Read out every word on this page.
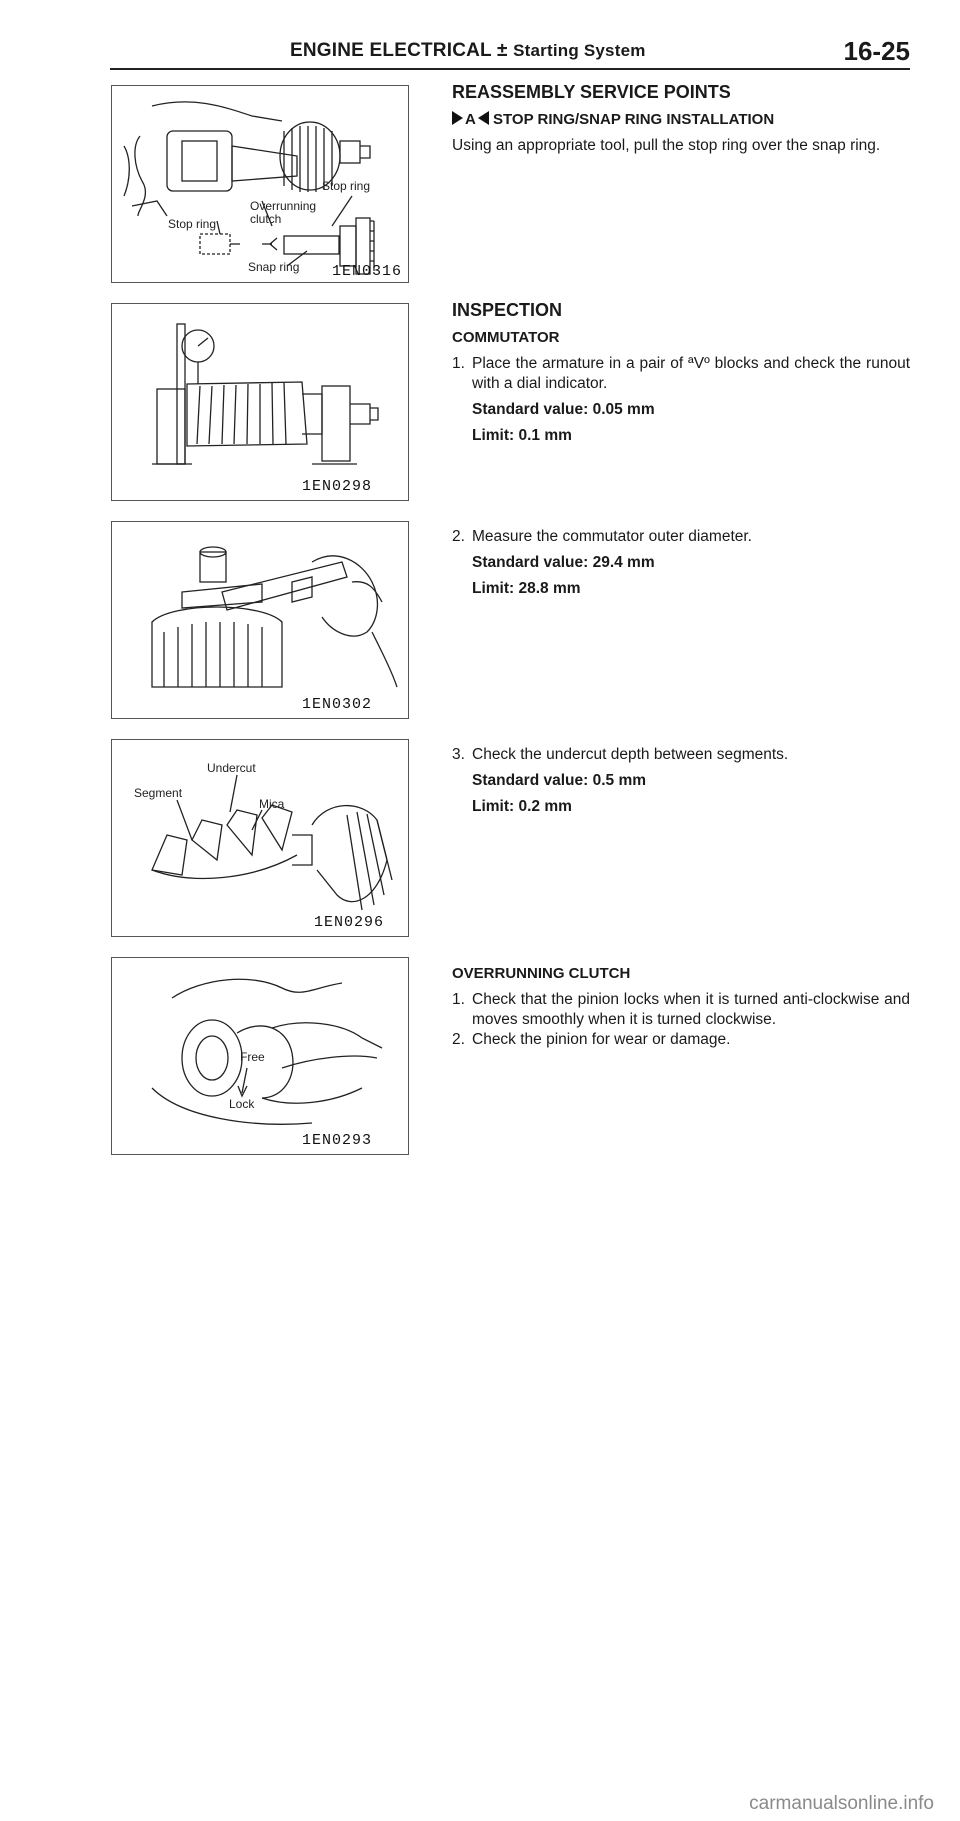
ENGINE ELECTRICAL ± Starting System	16-25
Stop ring
Overrunning
clutch
Stop ring
Snap ring 1EN0316
1EN0298
1EN0302
Undercut
Segment
Mica
1EN0296
Free
Lock
1EN0293
REASSEMBLY SERVICE POINTS
A STOP RING/SNAP RING INSTALLATION
Using an appropriate tool, pull the stop ring over the snap ring.
INSPECTION
COMMUTATOR
1. Place the armature in a pair of ªVº blocks and check the runout with a dial indicator.
Standard value: 0.05 mm
Limit: 0.1 mm
2. Measure the commutator outer diameter.
Standard value: 29.4 mm
Limit: 28.8 mm
3. Check the undercut depth between segments.
Standard value: 0.5 mm
Limit: 0.2 mm
OVERRUNNING CLUTCH
1. Check that the pinion locks when it is turned anti-clockwise and moves smoothly when it is turned clockwise.
2. Check the pinion for wear or damage.
carmanualsonline.info
